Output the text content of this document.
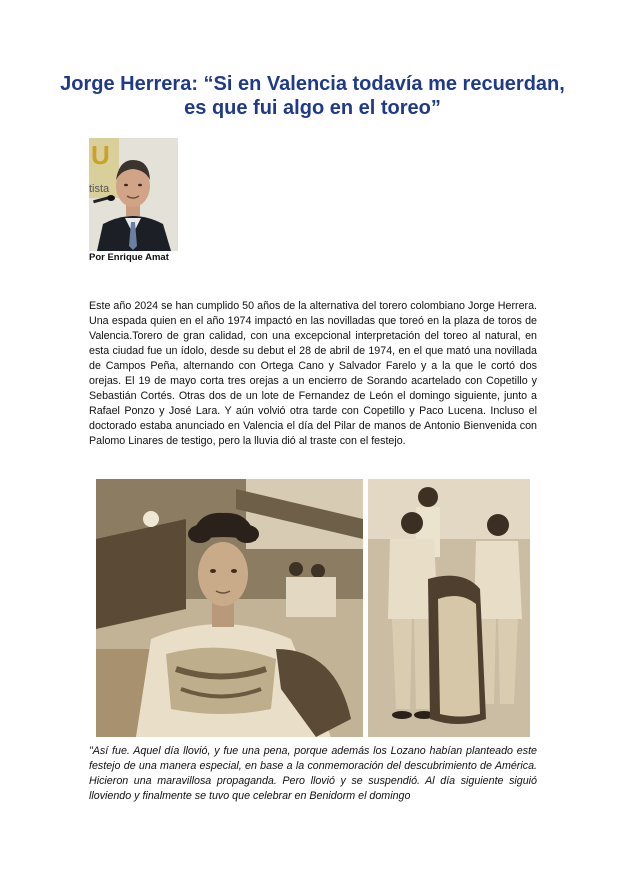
Jorge Herrera: “Si en Valencia todavía me recuerdan, es que fui algo en el toreo”
U
tista
Por Enrique Amat

Este año 2024 se han cumplido 50 años de la alternativa del torero colombiano Jorge Herrera. Una espada quien en el año 1974 impactó en las novilladas que toreó en la plaza de toros de Valencia.Torero de gran calidad, con una excepcional interpretación del toreo al natural, en esta ciudad fue un ídolo, desde su debut el 28 de abril de 1974, en el que mató una novillada de Campos Peña, alternando con Ortega Cano y Salvador Farelo y a la que le cortó dos orejas. El 19 de mayo corta tres orejas a un encierro de Sorando acartelado con Copetillo y Sebastián Cortés. Otras dos de un lote de Fernandez de León el domingo siguiente, junto a Rafael Ponzo y José Lara. Y aún volvió otra tarde con Copetillo y Paco Lucena. Incluso el doctorado estaba anunciado en Valencia el día del Pilar de manos de Antonio Bienvenida con Palomo Linares de testigo, pero la lluvia dió al traste con el festejo.

"Así fue. Aquel día llovió, y fue una pena, porque además los Lozano habían planteado este festejo de una manera especial, en base a la conmemoración del descubrimiento de América. Hicieron una maravillosa propaganda. Pero llovió y se suspendió. Al día siguiente siguió lloviendo y finalmente se tuvo que celebrar en Benidorm el domingo
